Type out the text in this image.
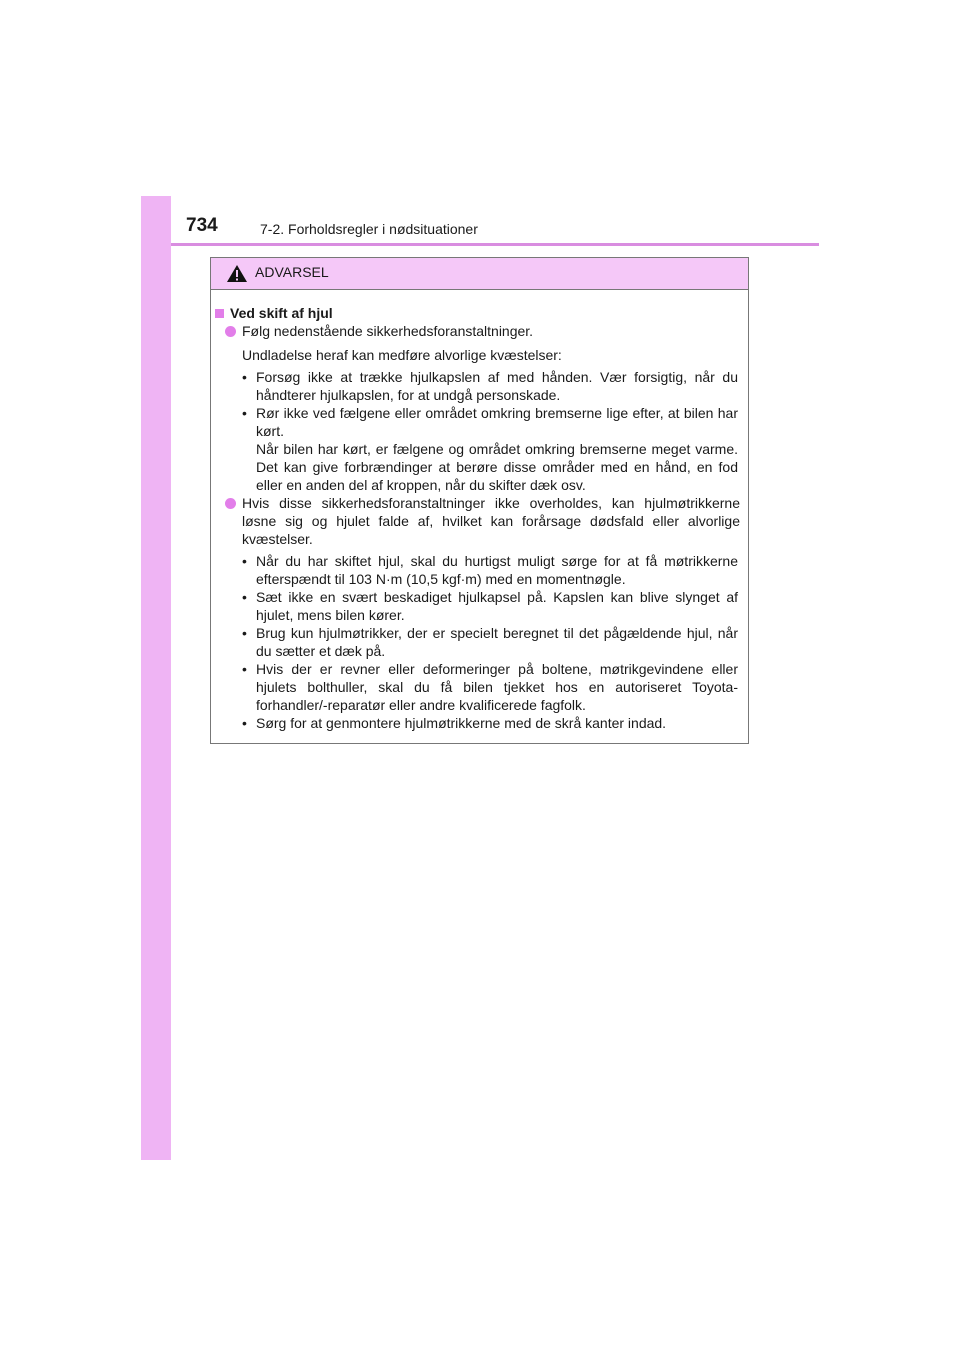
734	7-2. Forholdsregler i nødsituationer
ADVARSEL
Ved skift af hjul
Følg nedenstående sikkerhedsforanstaltninger.
Undladelse heraf kan medføre alvorlige kvæstelser:

• Forsøg ikke at trække hjulkapslen af med hånden. Vær forsigtig, når du håndterer hjulkapslen, for at undgå personskade.

• Rør ikke ved fælgene eller området omkring bremserne lige efter, at bilen har kørt.

Når bilen har kørt, er fælgene og området omkring bremserne meget varme. Det kan give forbrændinger at berøre disse områder med en hånd, en fod eller en anden del af kroppen, når du skifter dæk osv.

Hvis disse sikkerhedsforanstaltninger ikke overholdes, kan hjulmøtrikkerne løsne sig og hjulet falde af, hvilket kan forårsage dødsfald eller alvorlige kvæstelser.

• Når du har skiftet hjul, skal du hurtigst muligt sørge for at få møtrikkerne efterspændt til 103 N·m (10,5 kgf·m) med en momentnøgle.

• Sæt ikke en svært beskadiget hjulkapsel på. Kapslen kan blive slynget af hjulet, mens bilen kører.

• Brug kun hjulmøtrikker, der er specielt beregnet til det pågældende hjul, når du sætter et dæk på.

• Hvis der er revner eller deformeringer på boltene, møtrikgevindene eller hjulets bolthuller, skal du få bilen tjekket hos en autoriseret Toyota-forhandler/-reparatør eller andre kvalificerede fagfolk.

• Sørg for at genmontere hjulmøtrikkerne med de skrå kanter indad.
